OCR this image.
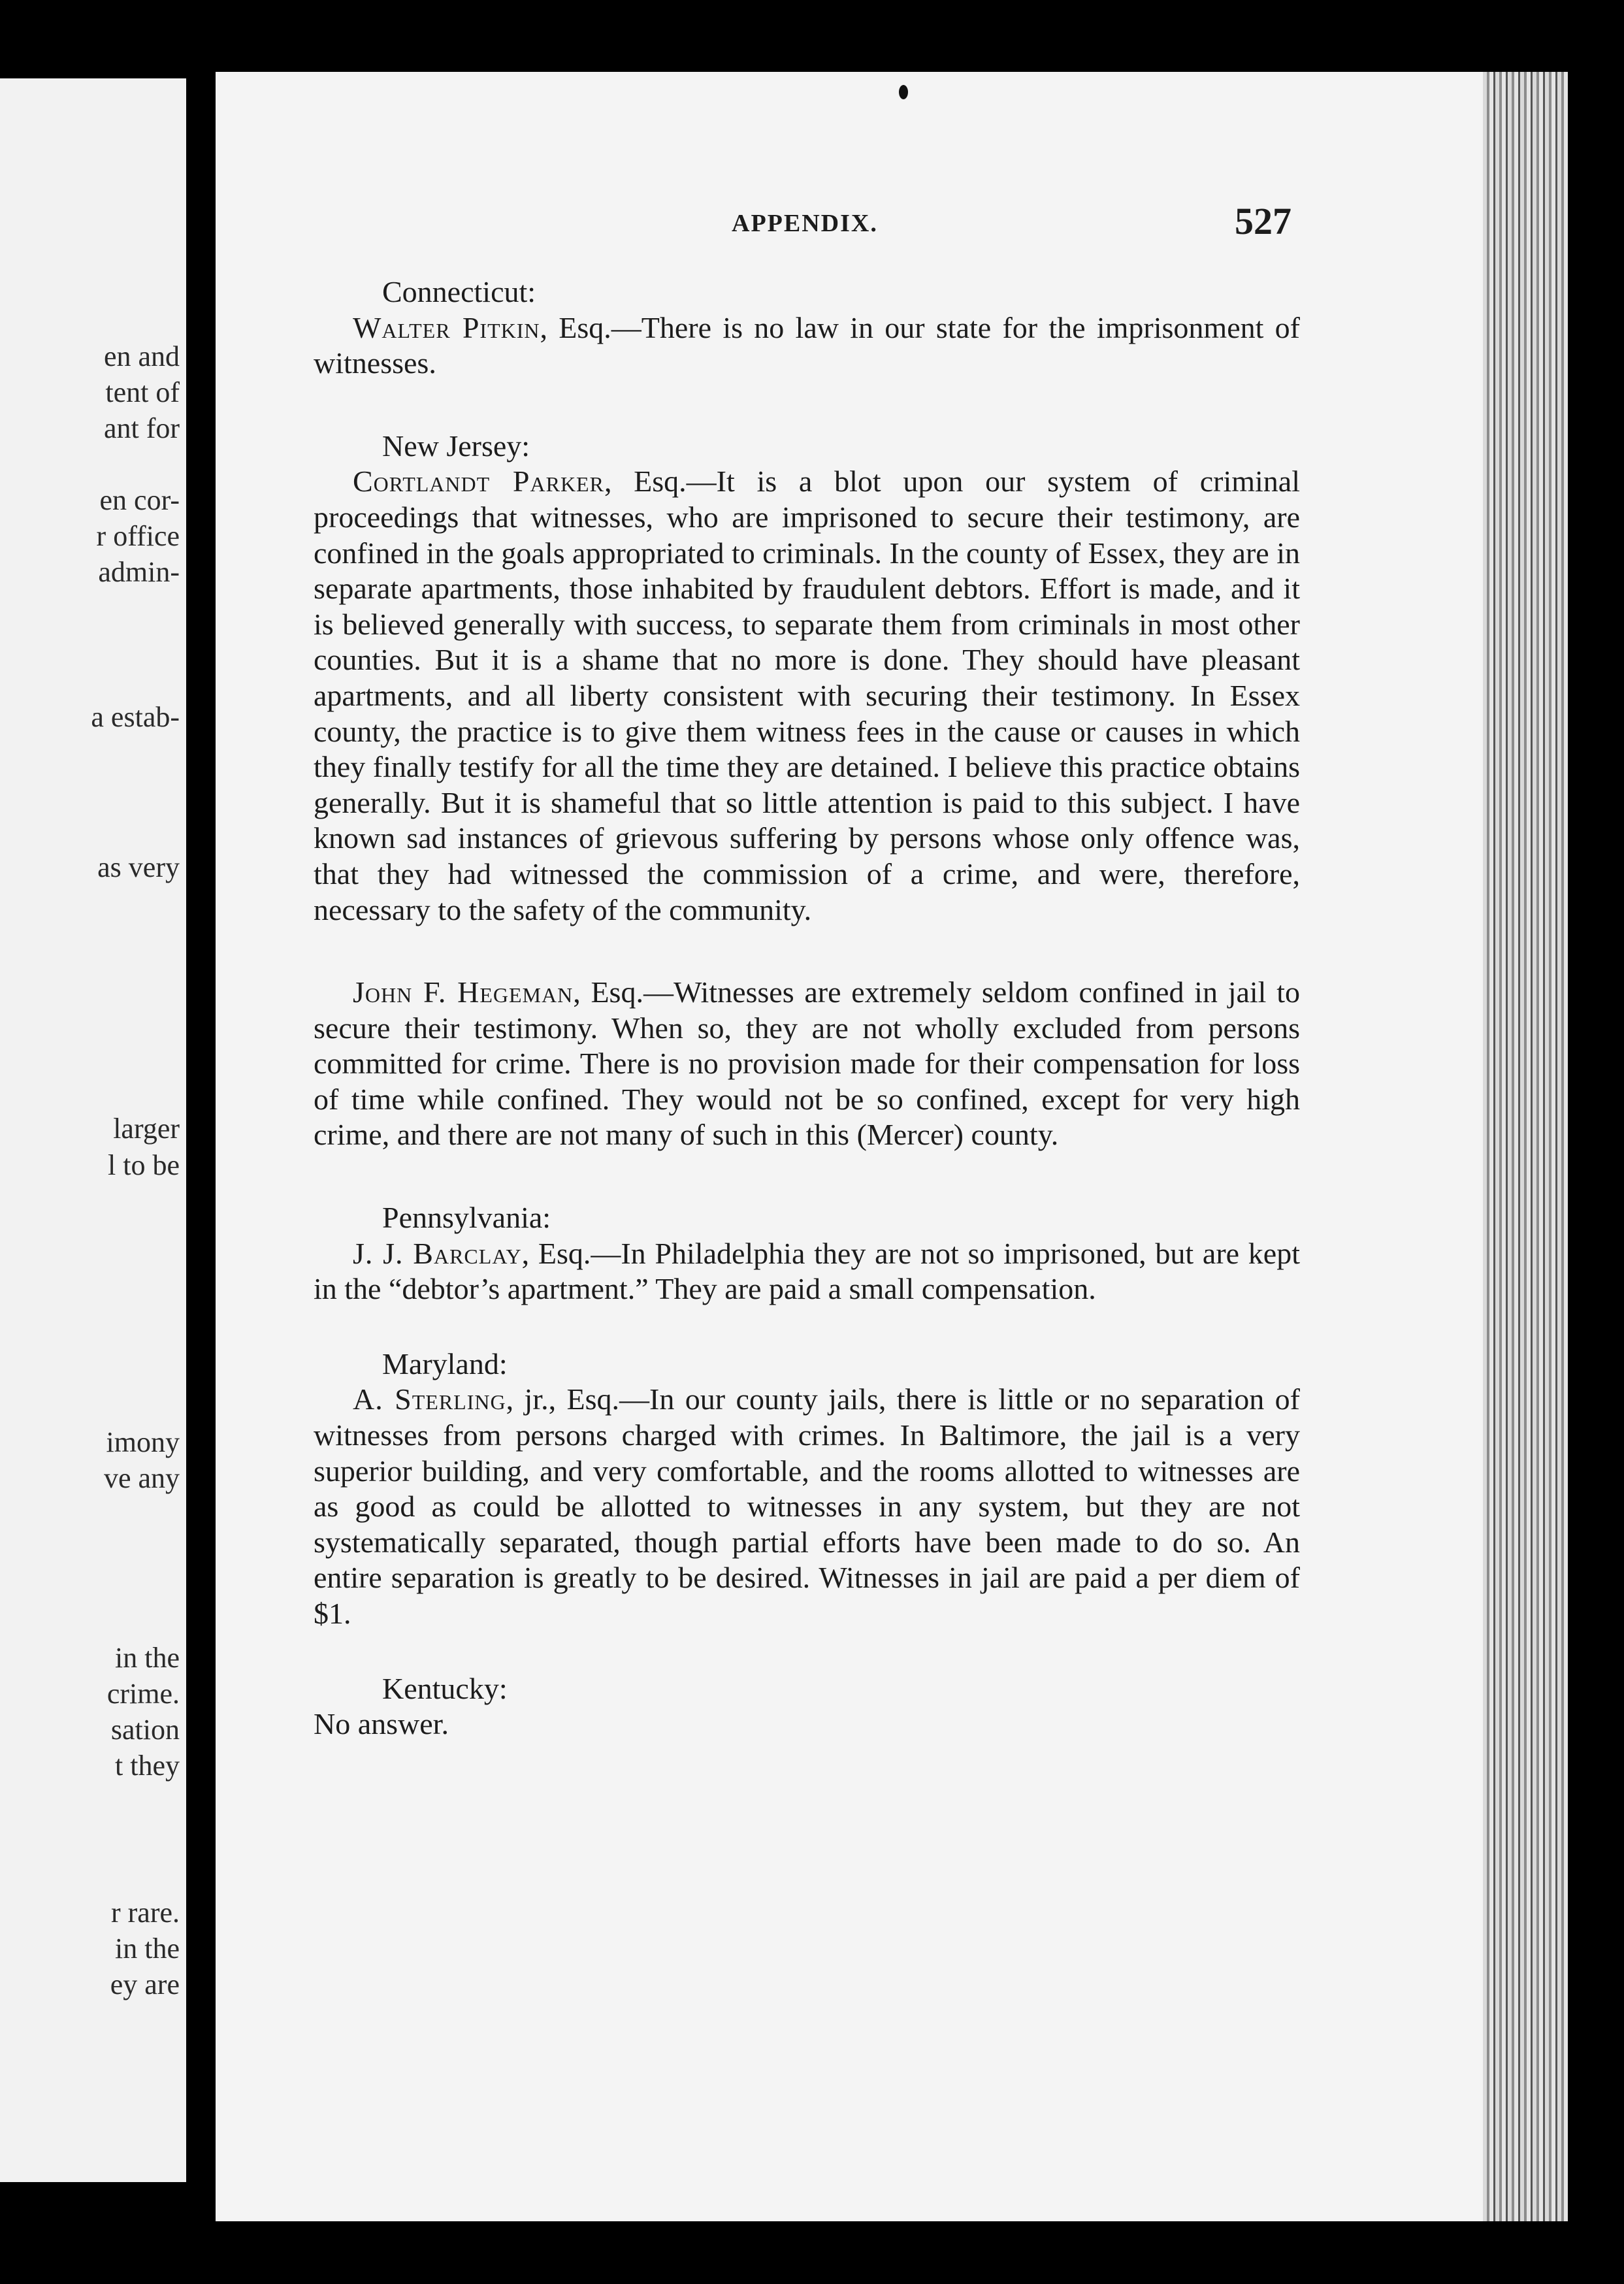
en and
tent of
ant for
en cor-
r office
admin-
a estab-
as very
larger
l to be
imony
ve any
in the
crime.
sation
t they
r rare.
in the
ey are
APPENDIX.	527

Connecticut:

Walter Pitkin, Esq.—There is no law in our state for the imprisonment of witnesses.

New Jersey:

Cortlandt Parker, Esq.—It is a blot upon our system of criminal proceedings that witnesses, who are imprisoned to secure their testimony, are confined in the goals appropriated to criminals. In the county of Essex, they are in separate apartments, those inhabited by fraudulent debtors. Effort is made, and it is believed generally with success, to separate them from criminals in most other counties. But it is a shame that no more is done. They should have pleasant apartments, and all liberty consistent with securing their testimony. In Essex county, the practice is to give them witness fees in the cause or causes in which they finally testify for all the time they are detained. I believe this practice obtains generally. But it is shameful that so little attention is paid to this subject. I have known sad instances of grievous suffering by persons whose only offence was, that they had witnessed the commission of a crime, and were, therefore, necessary to the safety of the community.

John F. Hegeman, Esq.—Witnesses are extremely seldom confined in jail to secure their testimony. When so, they are not wholly excluded from persons committed for crime. There is no provision made for their compensation for loss of time while confined. They would not be so confined, except for very high crime, and there are not many of such in this (Mercer) county.

Pennsylvania:

J. J. Barclay, Esq.—In Philadelphia they are not so imprisoned, but are kept in the “debtor’s apartment.” They are paid a small compensation.

Maryland:

A. Sterling, jr., Esq.—In our county jails, there is little or no separation of witnesses from persons charged with crimes. In Baltimore, the jail is a very superior building, and very comfortable, and the rooms allotted to witnesses are as good as could be allotted to witnesses in any system, but they are not systematically separated, though partial efforts have been made to do so. An entire separation is greatly to be desired. Witnesses in jail are paid a per diem of $1.

Kentucky:

No answer.
